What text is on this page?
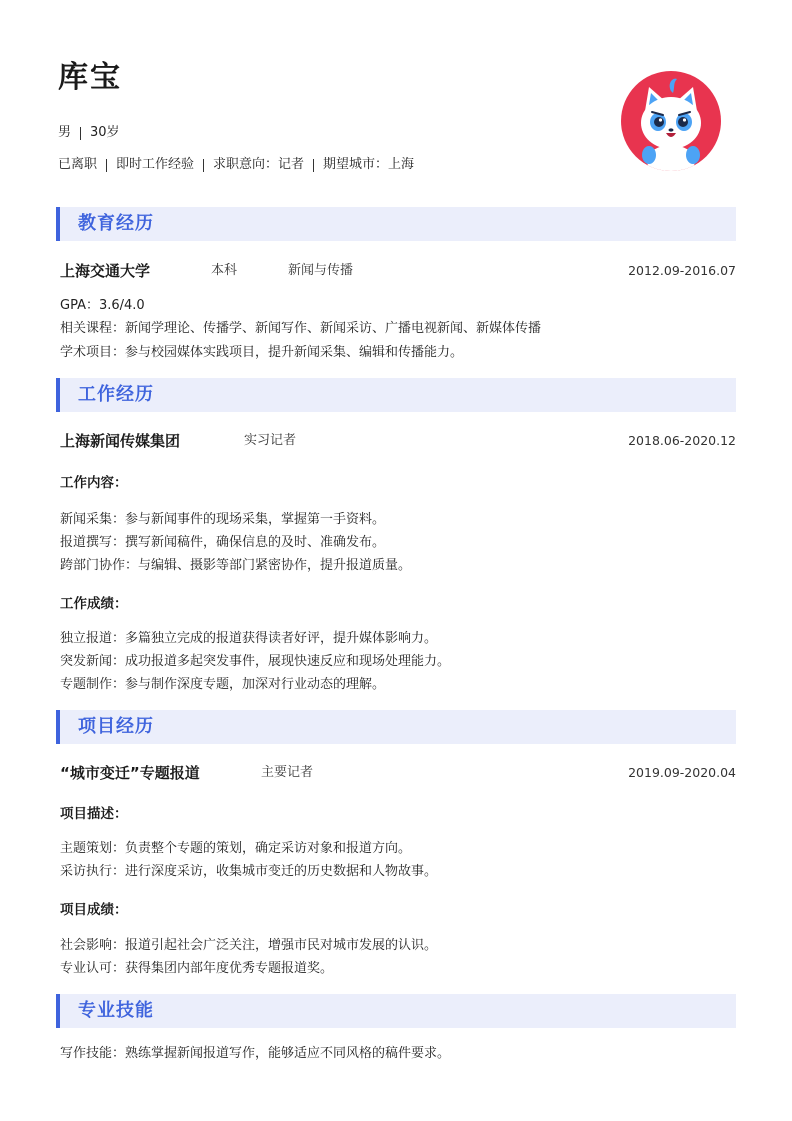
库宝
男 30岁
已离职 即时工作经验 求职意向：记者 期望城市：上海
教育经历
上海交通大学	本科	新闻与传播	2012.09-2016.07
GPA：3.6/4.0
相关课程：新闻学理论、传播学、新闻写作、新闻采访、广播电视新闻、新媒体传播
学术项目：参与校园媒体实践项目，提升新闻采集、编辑和传播能力。
工作经历
上海新闻传媒集团	实习记者	2018.06-2020.12
工作内容：
新闻采集：参与新闻事件的现场采集，掌握第一手资料。
报道撰写：撰写新闻稿件，确保信息的及时、准确发布。
跨部门协作：与编辑、摄影等部门紧密协作，提升报道质量。
工作成绩：
独立报道：多篇独立完成的报道获得读者好评，提升媒体影响力。
突发新闻：成功报道多起突发事件，展现快速反应和现场处理能力。
专题制作：参与制作深度专题，加深对行业动态的理解。
项目经历
“城市变迁”专题报道	主要记者	2019.09-2020.04
项目描述：
主题策划：负责整个专题的策划，确定采访对象和报道方向。
采访执行：进行深度采访，收集城市变迁的历史数据和人物故事。
项目成绩：
社会影响：报道引起社会广泛关注，增强市民对城市发展的认识。
专业认可：获得集团内部年度优秀专题报道奖。
专业技能
写作技能：熟练掌握新闻报道写作，能够适应不同风格的稿件要求。
